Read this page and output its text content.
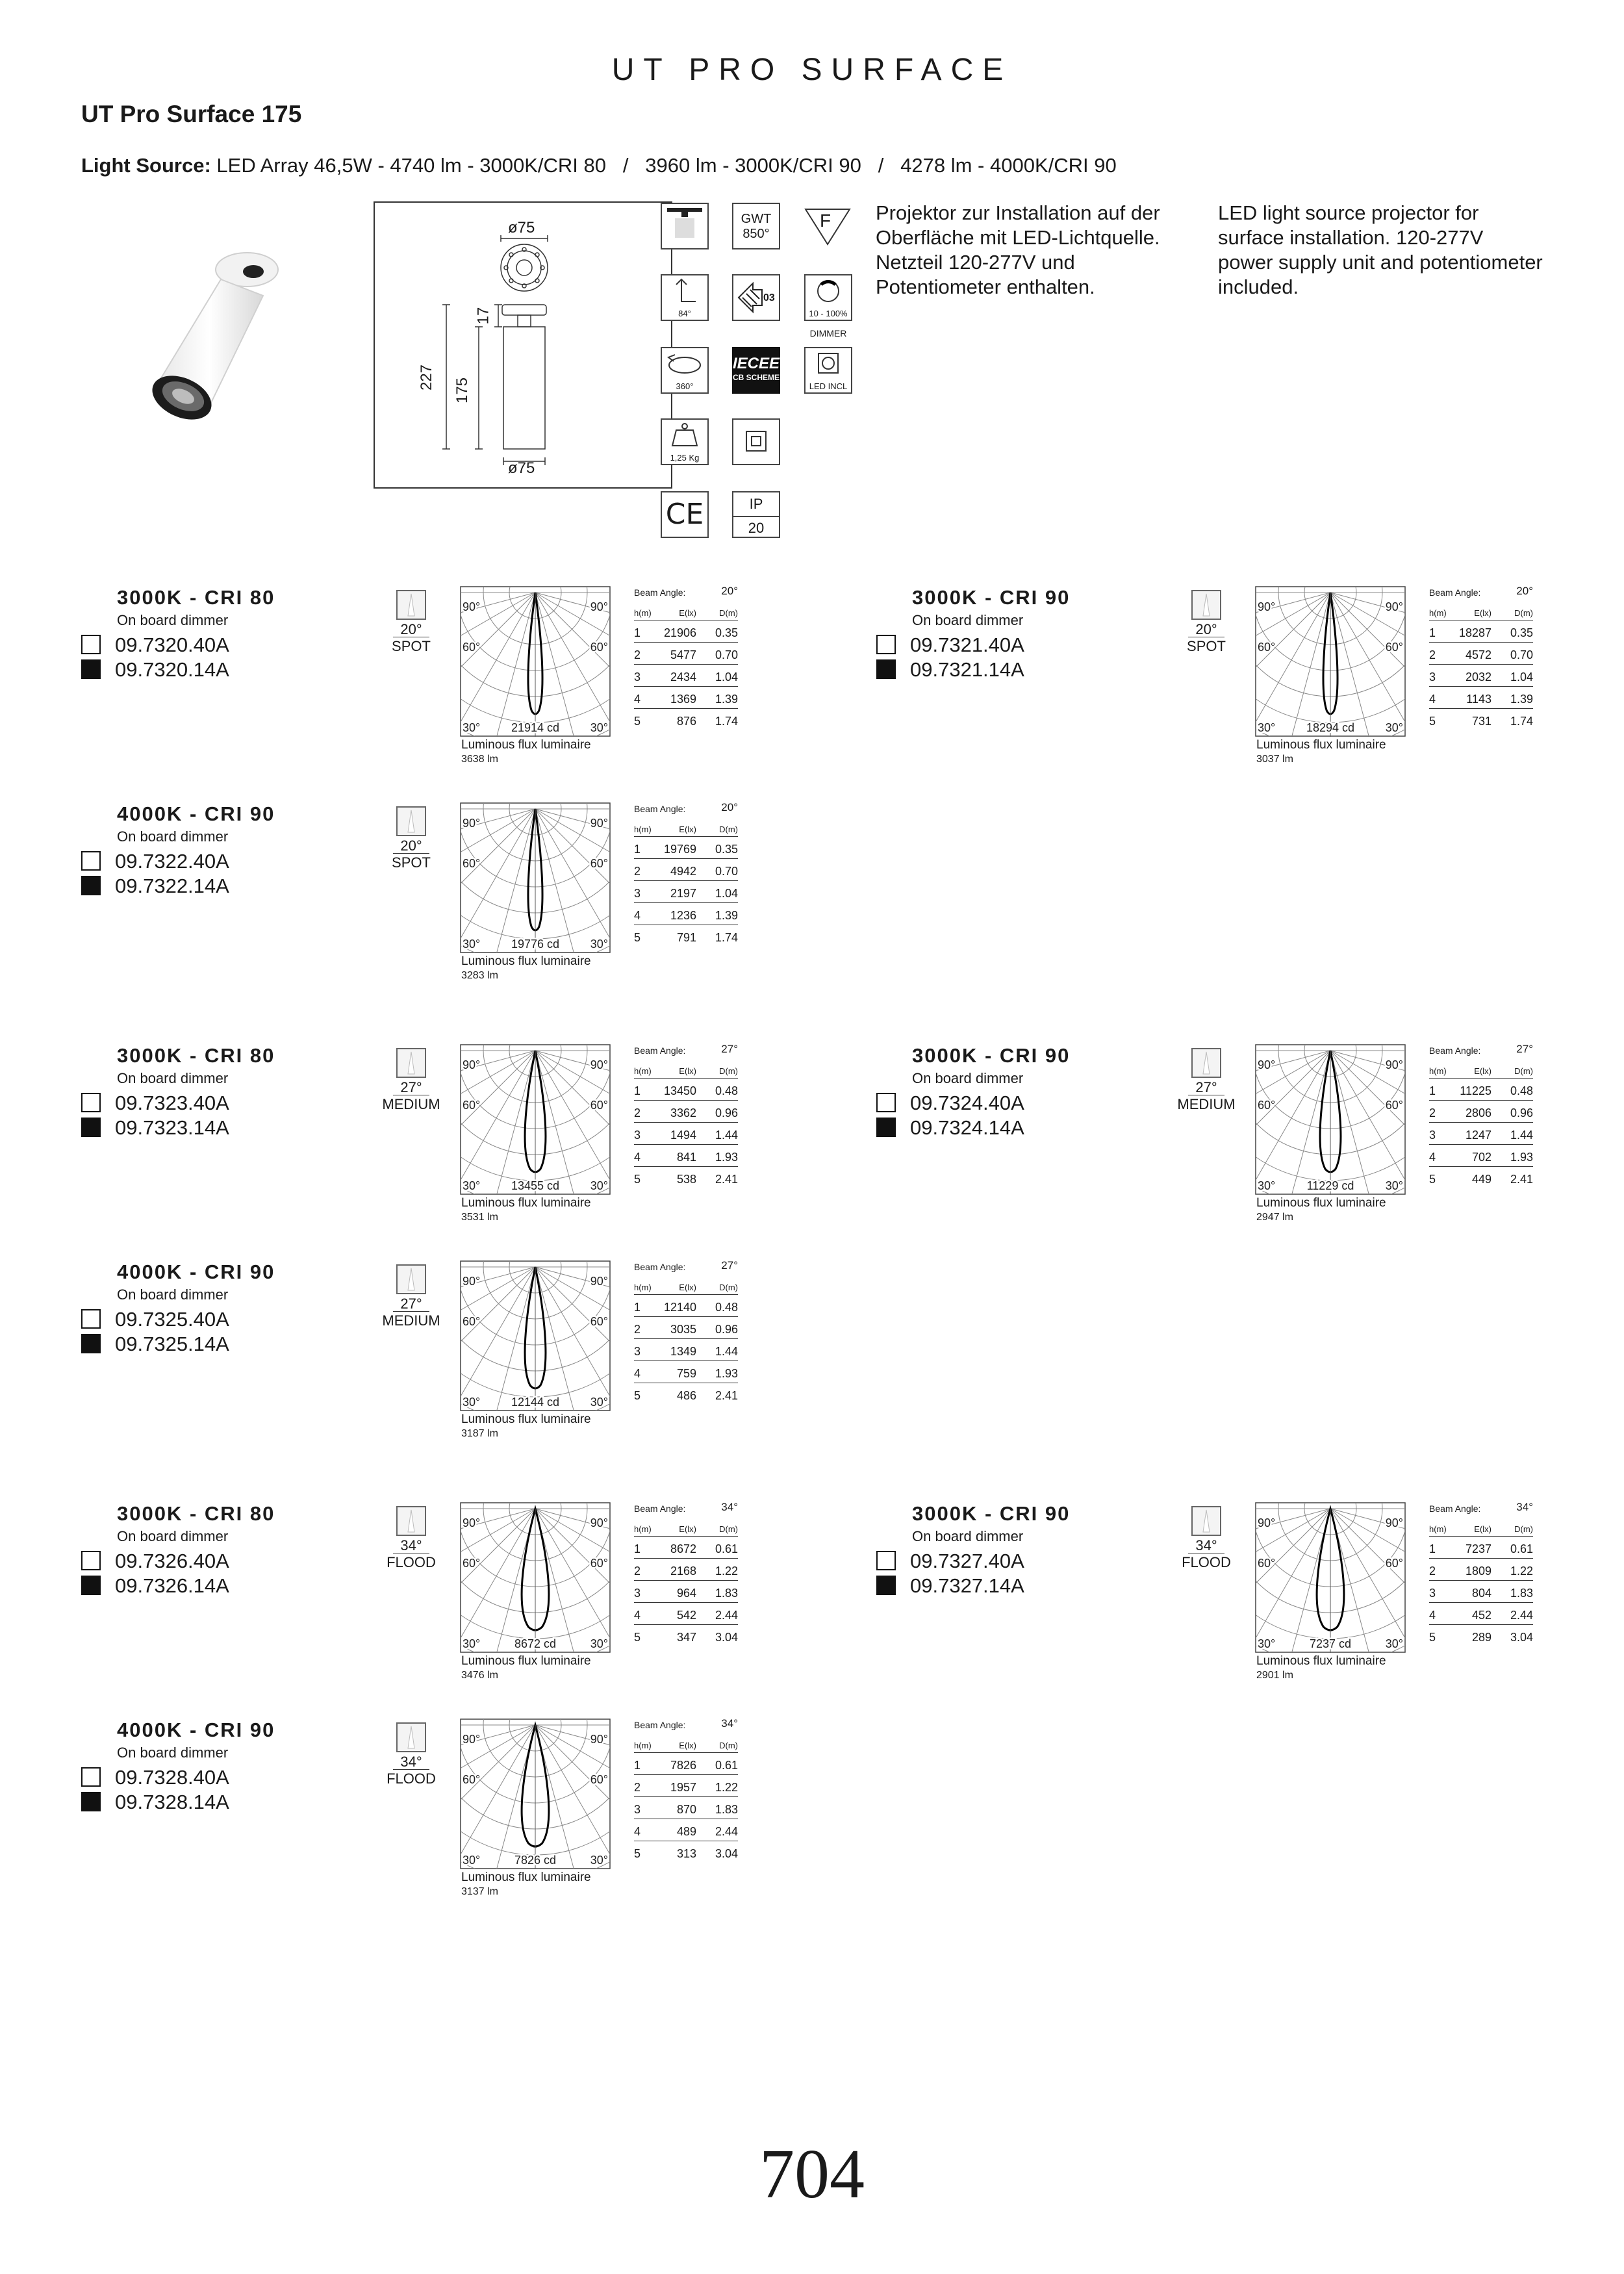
UT PRO SURFACE
UT Pro Surface 175
Light Source: LED Array 46,5W - 4740 lm - 3000K/CRI 80   /   3960 lm - 3000K/CRI 90   /   4278 lm - 4000K/CRI 90
ø75
ø75
227 175
17
GWT
850°
F
84°
03
10 - 100%
DIMMER
360°
IECEE
CB SCHEME
LED INCL
1,25 Kg
CE	IP
20
Projektor zur Installation auf der Oberfläche mit LED-Lichtquelle. Netzteil 120-277V und Potentiometer enthalten.
LED light source projector for surface installation. 120-277V power supply unit and potentiometer included.
3000K - CRI 80
On board dimmer
09.7320.40A
09.7320.14A
20°
SPOT
90°	90°
60°	60°
30°	30°
21914 cd
Luminous flux luminaire
3638 lm
Beam Angle:	20°
h(m)	E(lx)	D(m)
1 21906 0.35
2	5477 0.70
3	2434 1.04
4	1369 1.39
5	876 1.74
3000K - CRI 90
On board dimmer
09.7321.40A
09.7321.14A
20°
SPOT
90°	90°
60°	60°
30°	30°
18294 cd
Luminous flux luminaire
3037 lm
Beam Angle:	20°
h(m)	E(lx)	D(m)
1 18287 0.35
2	4572 0.70
3	2032 1.04
4	1143 1.39
5	731 1.74
4000K - CRI 90
On board dimmer
09.7322.40A
09.7322.14A
20°
SPOT
90°	90°
60°	60°
30°	30°
19776 cd
Luminous flux luminaire
3283 lm
Beam Angle:	20°
h(m)	E(lx)	D(m)
1 19769 0.35
2	4942 0.70
3	2197 1.04
4	1236 1.39
5	791 1.74
3000K - CRI 80
On board dimmer
09.7323.40A
09.7323.14A
27°
MEDIUM
90°	90°
60°	60°
30°	30°
13455 cd
Luminous flux luminaire
3531 lm
Beam Angle:	27°
h(m)	E(lx)	D(m)
1 13450 0.48
2	3362 0.96
3	1494 1.44
4	841 1.93
5	538 2.41
3000K - CRI 90
On board dimmer
09.7324.40A
09.7324.14A
27°
MEDIUM
90°	90°
60°	60°
30°	30°
11229 cd
Luminous flux luminaire
2947 lm
Beam Angle:	27°
h(m)	E(lx)	D(m)
1 11225 0.48
2	2806 0.96
3	1247 1.44
4	702 1.93
5	449 2.41
4000K - CRI 90
On board dimmer
09.7325.40A
09.7325.14A
27°
MEDIUM
90°	90°
60°	60°
30°	30°
12144 cd
Luminous flux luminaire
3187 lm
Beam Angle:	27°
h(m)	E(lx)	D(m)
1 12140 0.48
2	3035 0.96
3	1349 1.44
4	759 1.93
5	486 2.41
3000K - CRI 80
On board dimmer
09.7326.40A
09.7326.14A
34°
FLOOD
90°	90°
60°	60°
30°	30°
8672 cd
Luminous flux luminaire
3476 lm
Beam Angle:	34°
h(m)	E(lx)	D(m)
1	8672 0.61
2	2168 1.22
3	964 1.83
4	542 2.44
5	347 3.04
3000K - CRI 90
On board dimmer
09.7327.40A
09.7327.14A
34°
FLOOD
90°	90°
60°	60°
30°	30°
7237 cd
Luminous flux luminaire
2901 lm
Beam Angle:	34°
h(m)	E(lx)	D(m)
1	7237 0.61
2	1809 1.22
3	804 1.83
4	452 2.44
5	289 3.04
4000K - CRI 90
On board dimmer
09.7328.40A
09.7328.14A
34°
FLOOD
90°	90°
60°	60°
30°	30°
7826 cd
Luminous flux luminaire
3137 lm
Beam Angle:	34°
h(m)	E(lx)	D(m)
1	7826 0.61
2	1957 1.22
3	870 1.83
4	489 2.44
5	313 3.04
704
